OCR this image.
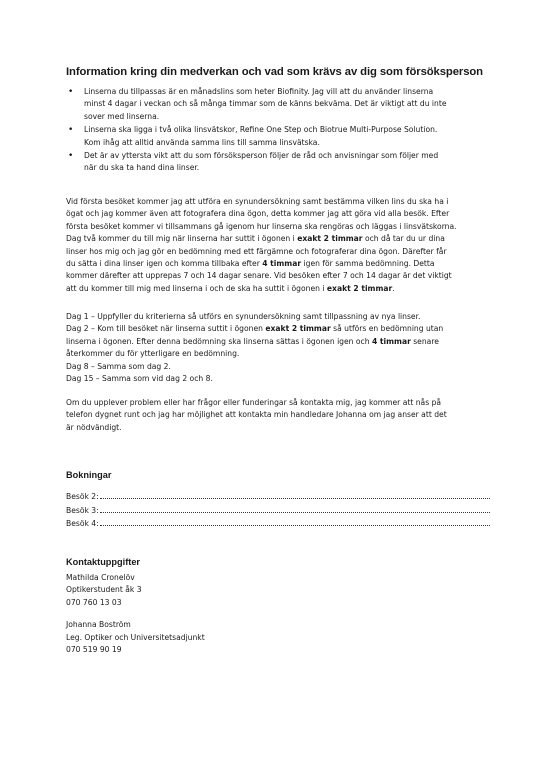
Information kring din medverkan och vad som krävs av dig som försöksperson
• Linserna du tillpassas är en månadslins som heter Biofinity. Jag vill att du använder linserna
minst 4 dagar i veckan och så många timmar som de känns bekväma. Det är viktigt att du inte
sover med linserna.
• Linserna ska ligga i två olika linsvätskor, Refine One Step och Biotrue Multi-Purpose Solution.
Kom ihåg att alltid använda samma lins till samma linsvätska.
• Det är av yttersta vikt att du som försöksperson följer de råd och anvisningar som följer med
när du ska ta hand dina linser.
Vid första besöket kommer jag att utföra en synundersökning samt bestämma vilken lins du ska ha i
ögat och jag kommer även att fotografera dina ögon, detta kommer jag att göra vid alla besök. Efter
första besöket kommer vi tillsammans gå igenom hur linserna ska rengöras och läggas i linsvätskorna.
Dag två kommer du till mig när linserna har suttit i ögonen i exakt 2 timmar och då tar du ur dina
linser hos mig och jag gör en bedömning med ett färgämne och fotograferar dina ögon. Därefter får
du sätta i dina linser igen och komma tillbaka efter 4 timmar igen för samma bedömning. Detta
kommer därefter att upprepas 7 och 14 dagar senare. Vid besöken efter 7 och 14 dagar är det viktigt
att du kommer till mig med linserna i och de ska ha suttit i ögonen i exakt 2 timmar.
Dag 1 – Uppfyller du kriterierna så utförs en synundersökning samt tillpassning av nya linser.
Dag 2 – Kom till besöket när linserna suttit i ögonen exakt 2 timmar så utförs en bedömning utan
linserna i ögonen. Efter denna bedömning ska linserna sättas i ögonen igen och 4 timmar senare
återkommer du för ytterligare en bedömning.
Dag 8 – Samma som dag 2.
Dag 15 – Samma som vid dag 2 och 8.
Om du upplever problem eller har frågor eller funderingar så kontakta mig, jag kommer att nås på
telefon dygnet runt och jag har möjlighet att kontakta min handledare Johanna om jag anser att det
är nödvändigt.
Bokningar
Besök 2:
Besök 3:
Besök 4:
Kontaktuppgifter
Mathilda Cronelöv
Optikerstudent åk 3
070 760 13 03
Johanna Boström
Leg. Optiker och Universitetsadjunkt
070 519 90 19
